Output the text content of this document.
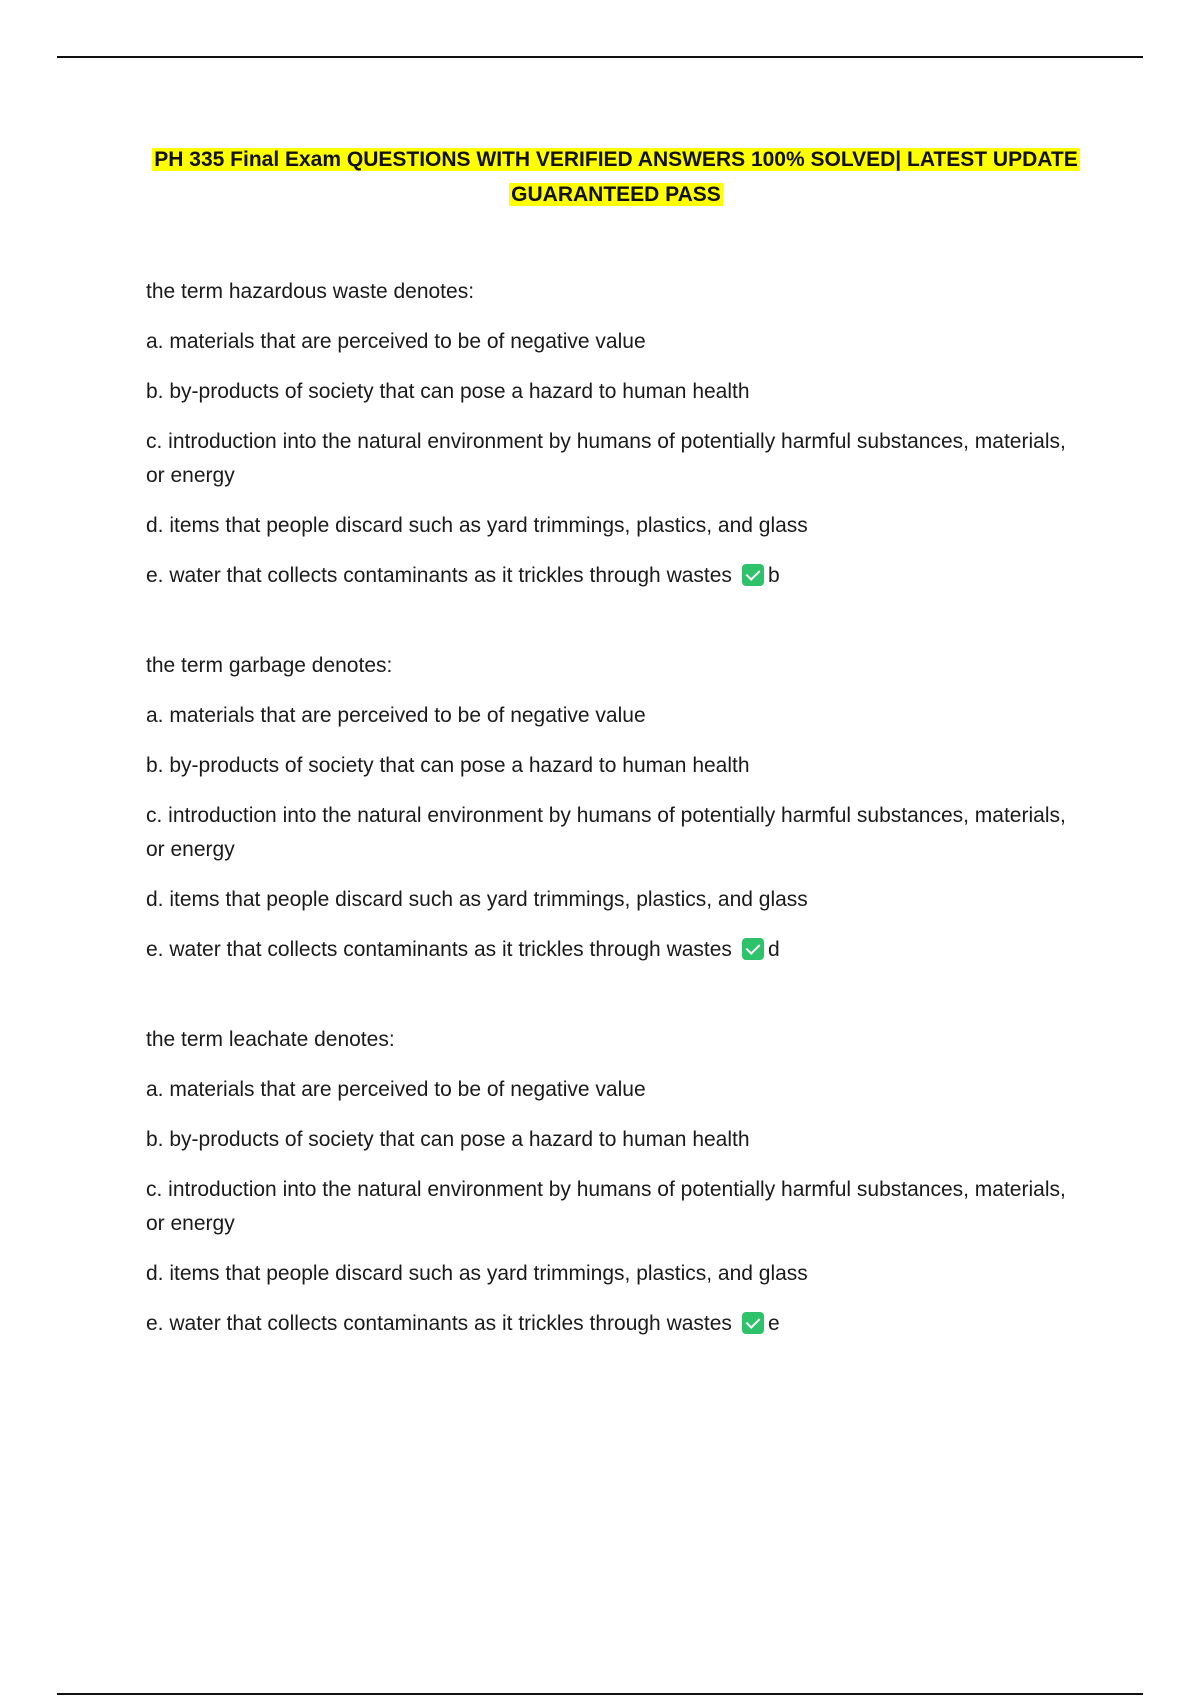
PH 335 Final Exam QUESTIONS WITH VERIFIED ANSWERS 100% SOLVED| LATEST UPDATE
GUARANTEED PASS

the term hazardous waste denotes:

a. materials that are perceived to be of negative value

b. by-products of society that can pose a hazard to human health

c. introduction into the natural environment by humans of potentially harmful substances, materials, or energy

d. items that people discard such as yard trimmings, plastics, and glass

e. water that collects contaminants as it trickles through wastes b

the term garbage denotes:

a. materials that are perceived to be of negative value

b. by-products of society that can pose a hazard to human health

c. introduction into the natural environment by humans of potentially harmful substances, materials, or energy

d. items that people discard such as yard trimmings, plastics, and glass

e. water that collects contaminants as it trickles through wastes d

the term leachate denotes:

a. materials that are perceived to be of negative value

b. by-products of society that can pose a hazard to human health

c. introduction into the natural environment by humans of potentially harmful substances, materials, or energy

d. items that people discard such as yard trimmings, plastics, and glass

e. water that collects contaminants as it trickles through wastes e
